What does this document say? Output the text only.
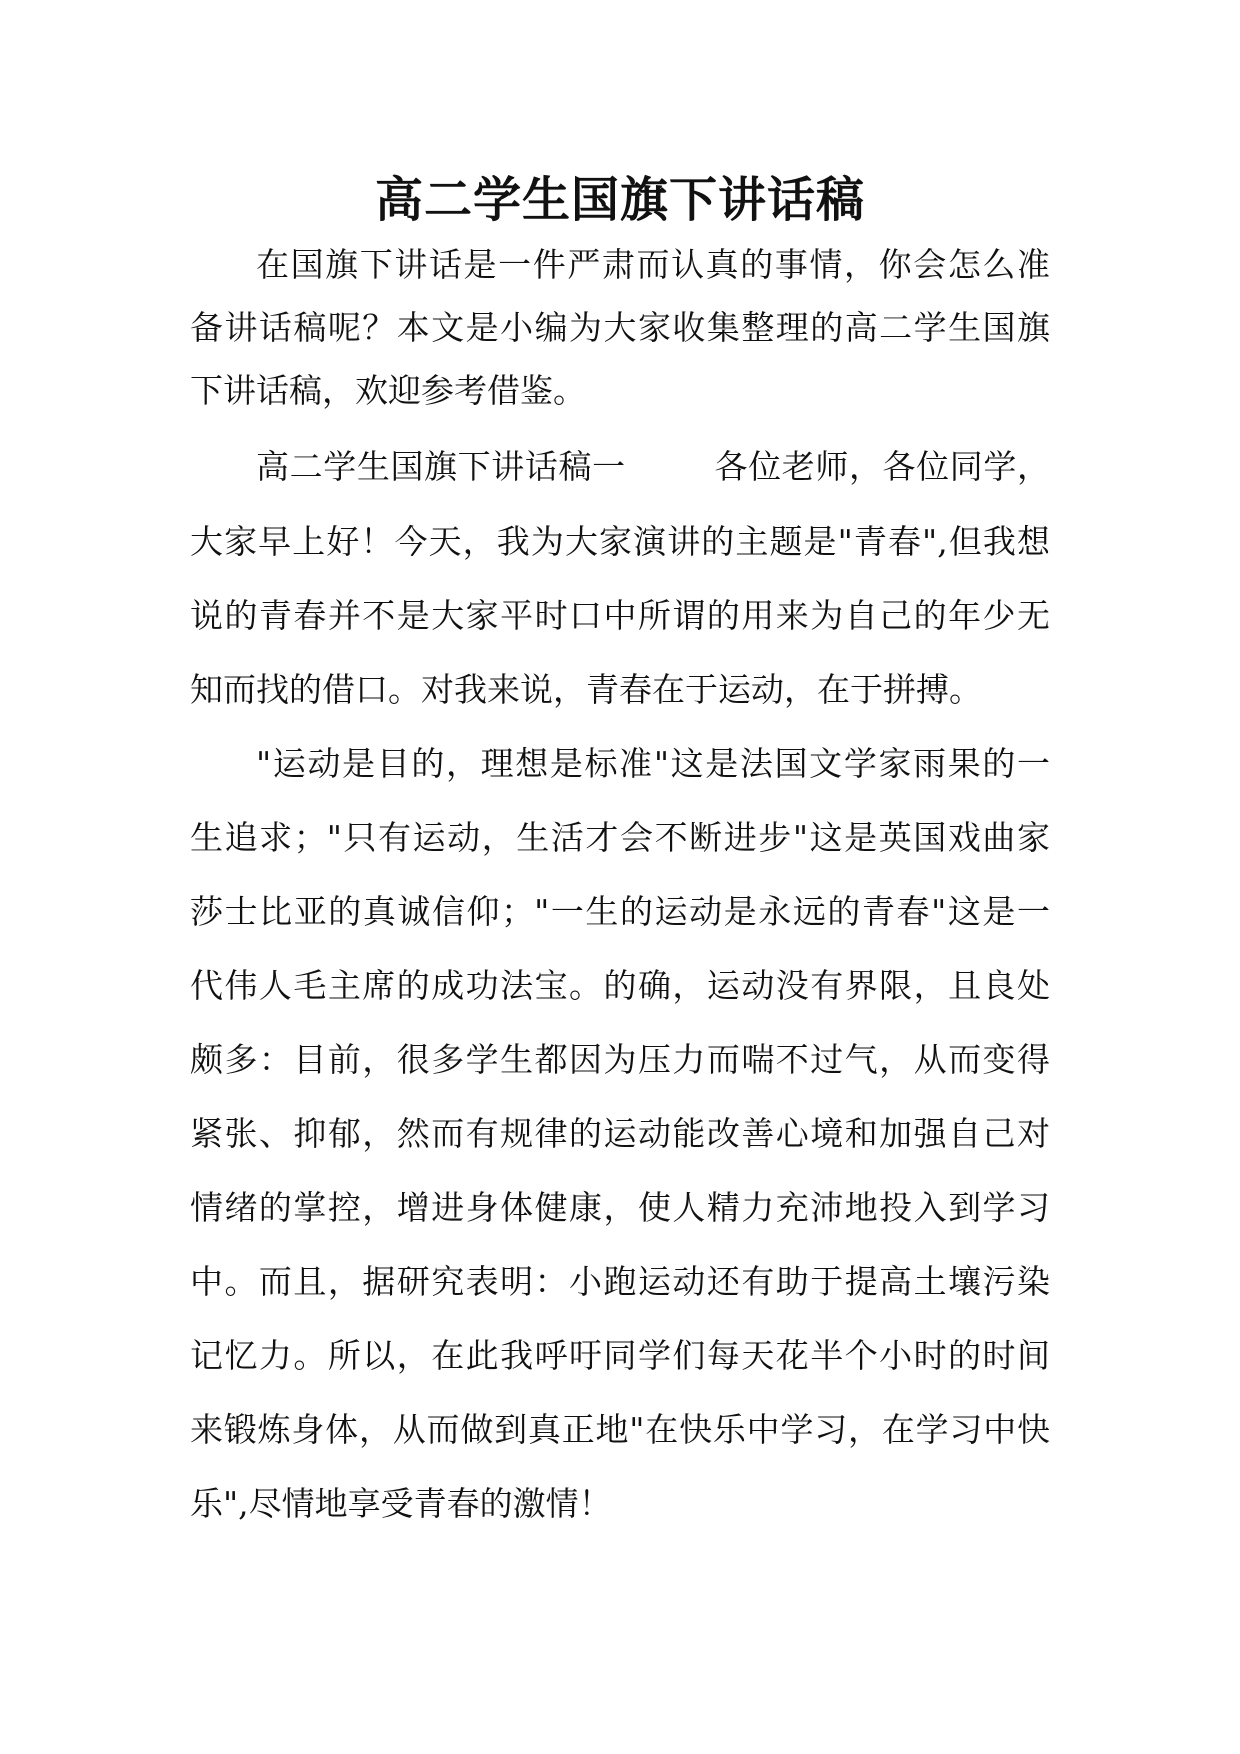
高二学生国旗下讲话稿
在国旗下讲话是一件严肃而认真的事情，你会怎么准
备讲话稿呢？本文是小编为大家收集整理的高二学生国旗
下讲话稿，欢迎参考借鉴。
高二学生国旗下讲话稿一        各位老师，各位同学，
大家早上好！今天，我为大家演讲的主题是"青春",但我想
说的青春并不是大家平时口中所谓的用来为自己的年少无
知而找的借口。对我来说，青春在于运动，在于拼搏。
"运动是目的，理想是标准"这是法国文学家雨果的一
生追求；"只有运动，生活才会不断进步"这是英国戏曲家
莎士比亚的真诚信仰；"一生的运动是永远的青春"这是一
代伟人毛主席的成功法宝。的确，运动没有界限，且良处
颇多：目前，很多学生都因为压力而喘不过气，从而变得
紧张、抑郁，然而有规律的运动能改善心境和加强自己对
情绪的掌控，增进身体健康，使人精力充沛地投入到学习
中。而且，据研究表明：小跑运动还有助于提高土壤污染
记忆力。所以，在此我呼吁同学们每天花半个小时的时间
来锻炼身体，从而做到真正地"在快乐中学习，在学习中快
乐",尽情地享受青春的激情！
